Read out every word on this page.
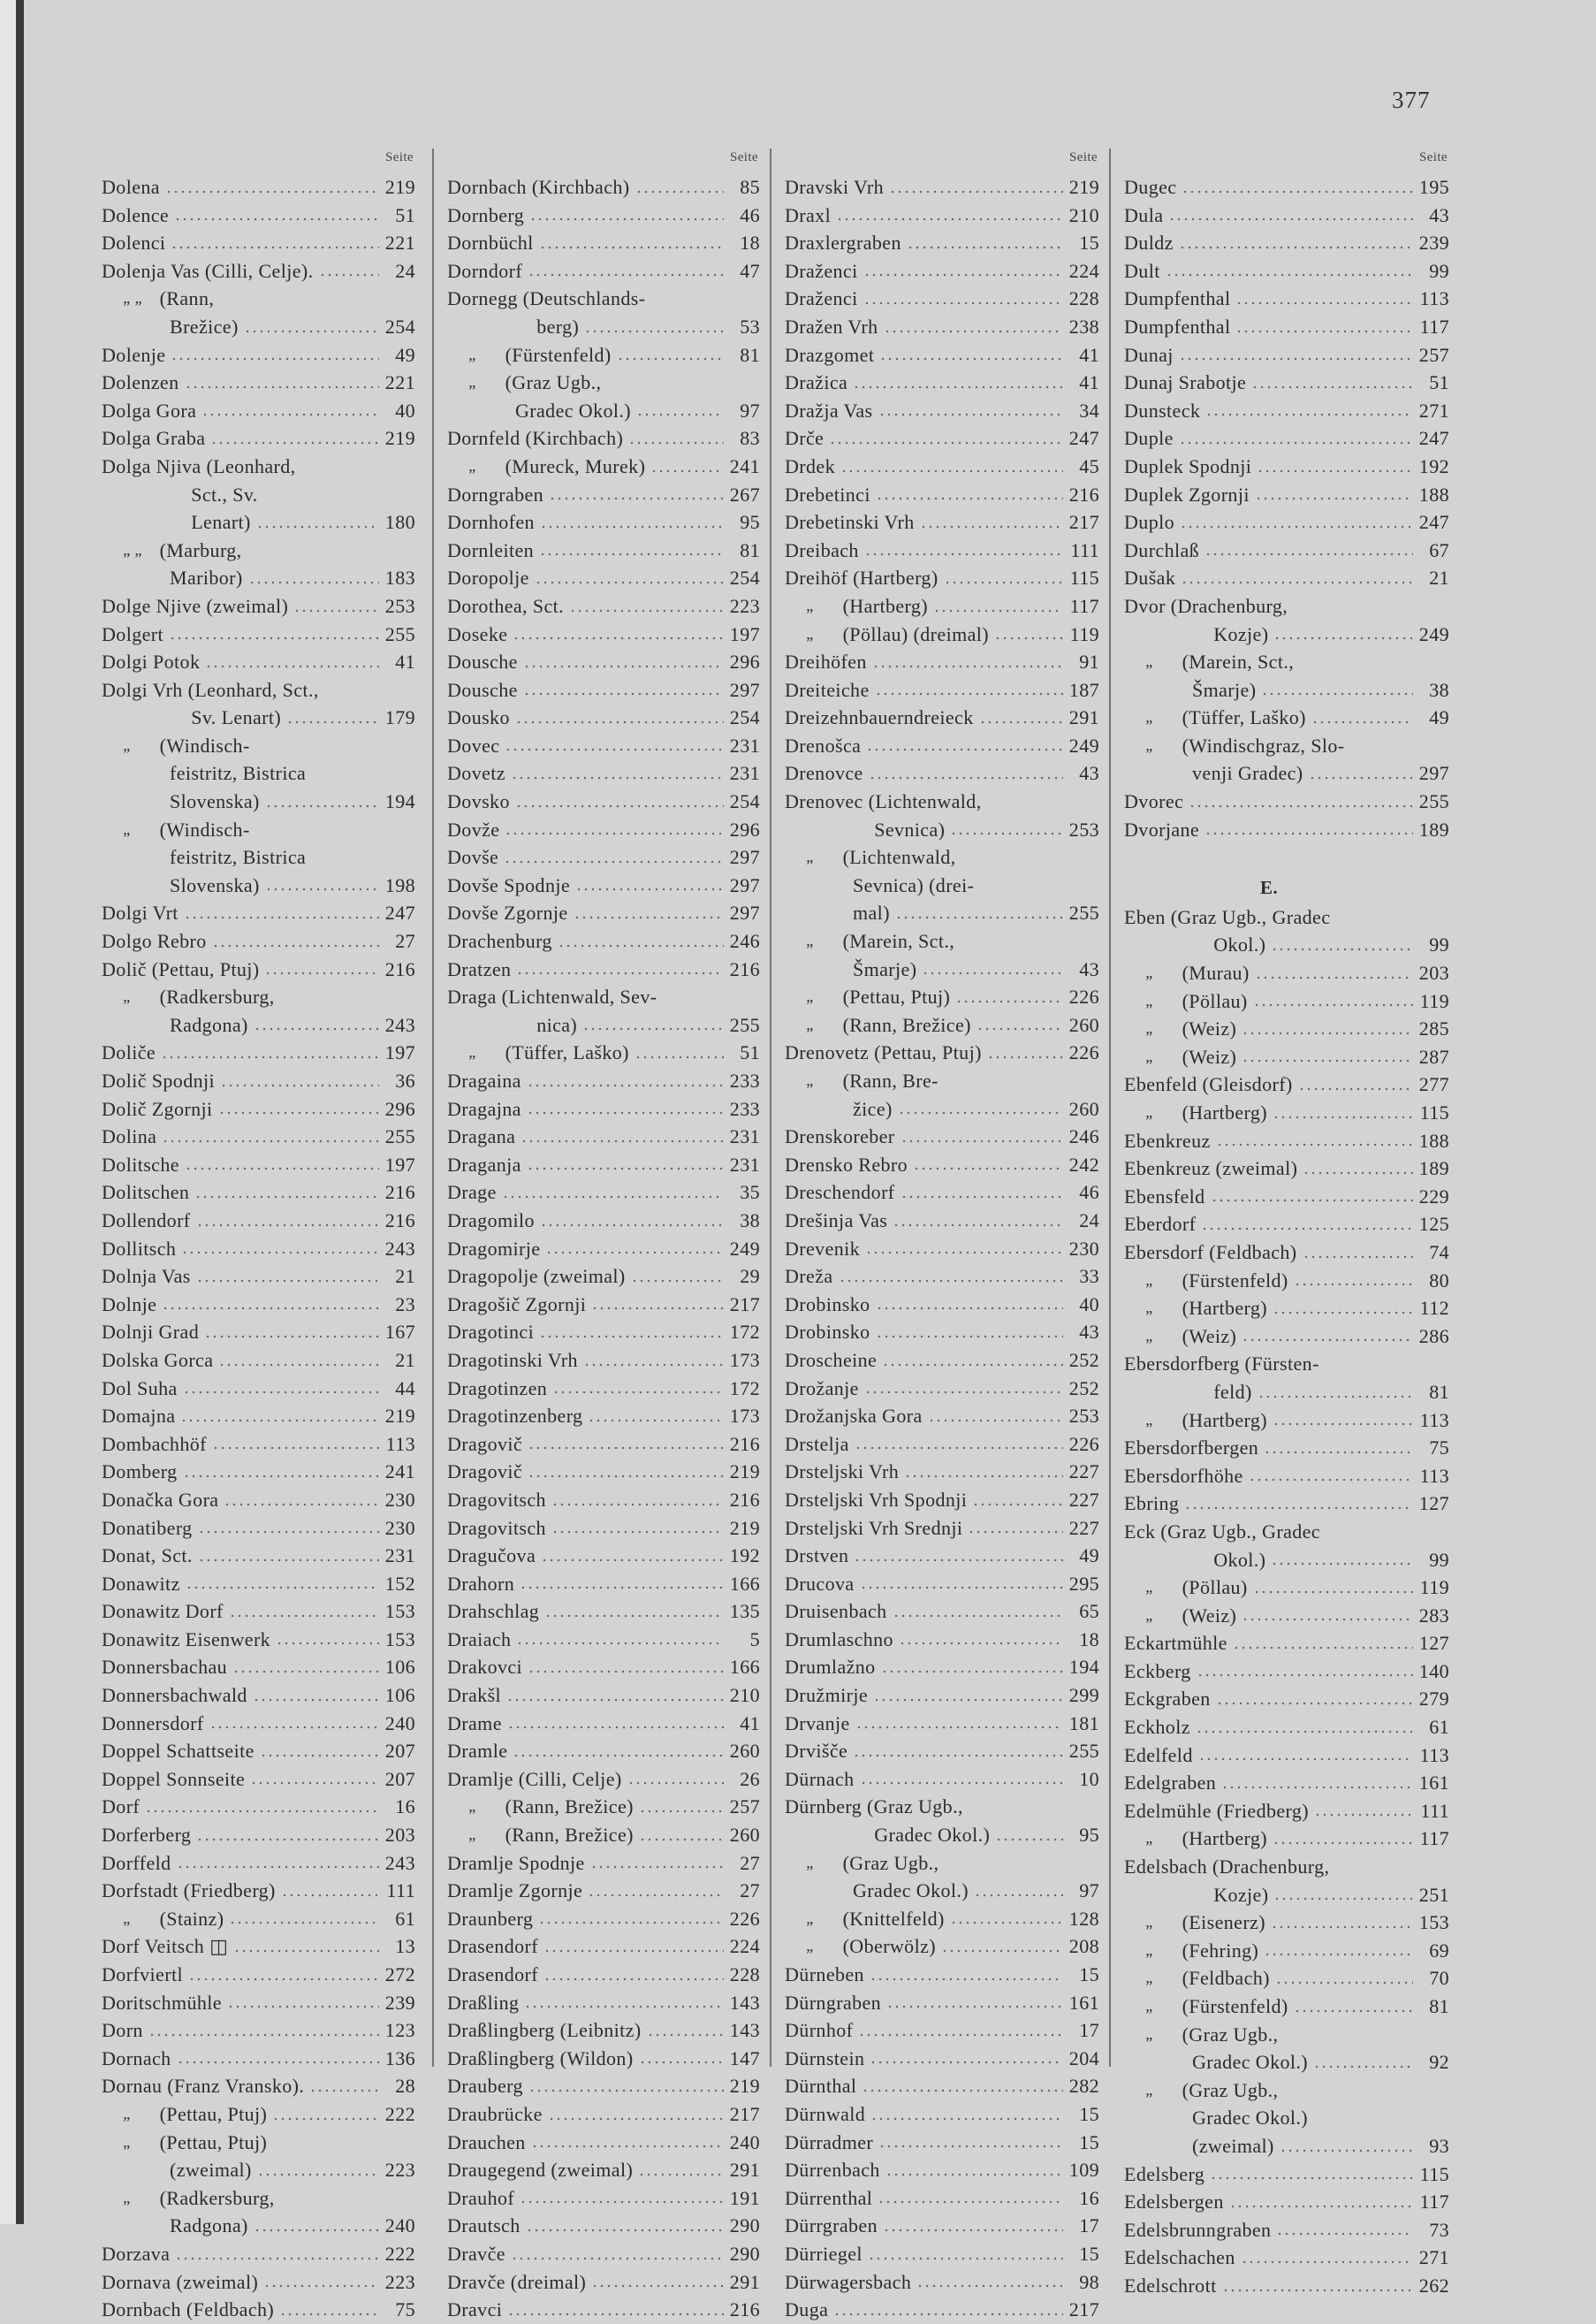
377
Seite
Dolena	219
Dolence	51
Dolenci	221
Dolenja Vas (Cilli, Celje).	24
„ „ (Rann,
Brežice)	254
Dolenje	49
Dolenzen	221
Dolga Gora	40
Dolga Graba	219
Dolga Njiva (Leonhard,
Sct., Sv.
Lenart)	180
„ „ (Marburg,
Maribor)	183
Dolge Njive (zweimal)	253
Dolgert	255
Dolgi Potok	41
Dolgi Vrh (Leonhard, Sct.,
Sv. Lenart)	179
„	(Windisch-
feistritz, Bistrica
Slovenska)	194
„	(Windisch-
feistritz, Bistrica
Slovenska)	198
Dolgi Vrt	247
Dolgo Rebro	27
Dolič (Pettau, Ptuj)	216
„	(Radkersburg,
Radgona)	243
Doliče	197
Dolič Spodnji	36
Dolič Zgornji	296
Dolina	255
Dolitsche	197
Dolitschen	216
Dollendorf	216
Dollitsch	243
Dolnja Vas	21
Dolnje	23
Dolnji Grad	167
Dolska Gorca	21
Dol Suha	44
Domajna	219
Dombachhöf	113
Domberg	241
Donačka Gora	230
Donatiberg	230
Donat, Sct.	231
Donawitz	152
Donawitz Dorf	153
Donawitz Eisenwerk	153
Donnersbachau	106
Donnersbachwald	106
Donnersdorf	240
Doppel Schattseite	207
Doppel Sonnseite	207
Dorf	16
Dorferberg	203
Dorffeld	243
Dorfstadt (Friedberg)	111
„	(Stainz)	61
Dorf Veitsch ◫	13
Dorfviertl	272
Doritschmühle	239
Dorn	123
Dornach	136
Dornau (Franz Vransko).	28
„	(Pettau, Ptuj)	222
„	(Pettau, Ptuj)
(zweimal)	223
„	(Radkersburg,
Radgona)	240
Dorzava	222
Dornava (zweimal)	223
Dornbach (Feldbach)	75
Seite
Dornbach (Kirchbach)	85
Dornberg	46
Dornbüchl	18
Dorndorf	47
Dornegg (Deutschlands-
berg)	53
„	(Fürstenfeld)	81
„	(Graz Ugb.,
Gradec Okol.)	97
Dornfeld (Kirchbach)	83
„	(Mureck, Murek)	241
Dorngraben	267
Dornhofen	95
Dornleiten	81
Doropolje	254
Dorothea, Sct.	223
Doseke	197
Dousche	296
Dousche	297
Dousko	254
Dovec	231
Dovetz	231
Dovsko	254
Dovže	296
Dovše	297
Dovše Spodnje	297
Dovše Zgornje	297
Drachenburg	246
Dratzen	216
Draga (Lichtenwald, Sev-
nica)	255
„	(Tüffer, Laško)	51
Dragaina	233
Dragajna	233
Dragana	231
Draganja	231
Drage	35
Dragomilo	38
Dragomirje	249
Dragopolje (zweimal)	29
Dragošič Zgornji	217
Dragotinci	172
Dragotinski Vrh	173
Dragotinzen	172
Dragotinzenberg	173
Dragovič	216
Dragovič	219
Dragovitsch	216
Dragovitsch	219
Dragučova	192
Drahorn	166
Drahschlag	135
Draiach	5
Drakovci	166
Drakšl	210
Drame	41
Dramle	260
Dramlje (Cilli, Celje)	26
„	(Rann, Brežice)	257
„	(Rann, Brežice)	260
Dramlje Spodnje	27
Dramlje Zgornje	27
Draunberg	226
Drasendorf	224
Drasendorf	228
Draßling	143
Draßlingberg (Leibnitz)	143
Draßlingberg (Wildon)	147
Drauberg	219
Draubrücke	217
Drauchen	240
Draugegend (zweimal)	291
Drauhof	191
Drautsch	290
Dravče	290
Dravče (dreimal)	291
Dravci	216
Seite
Dravski Vrh	219
Draxl	210
Draxlergraben	15
Draženci	224
Draženci	228
Dražen Vrh	238
Drazgomet	41
Dražica	41
Dražja Vas	34
Drče	247
Drdek	45
Drebetinci	216
Drebetinski Vrh	217
Dreibach	111
Dreihöf (Hartberg)	115
„	(Hartberg)	117
„	(Pöllau) (dreimal)	119
Dreihöfen	91
Dreiteiche	187
Dreizehnbauerndreieck	291
Drenošca	249
Drenovce	43
Drenovec (Lichtenwald,
Sevnica)	253
„	(Lichtenwald,
Sevnica) (drei-
mal)	255
„	(Marein, Sct.,
Šmarje)	43
„	(Pettau, Ptuj)	226
„	(Rann, Brežice)	260
Drenovetz (Pettau, Ptuj)	226
„	(Rann, Bre-
žice)	260
Drenskoreber	246
Drensko Rebro	242
Dreschendorf	46
Drešinja Vas	24
Drevenik	230
Dreža	33
Drobinsko	40
Drobinsko	43
Droscheine	252
Drožanje	252
Drožanjska Gora	253
Drstelja	226
Drsteljski Vrh	227
Drsteljski Vrh Spodnji	227
Drsteljski Vrh Srednji	227
Drstven	49
Drucova	295
Druisenbach	65
Drumlaschno	18
Drumlažno	194
Družmirje	299
Drvanje	181
Drvišče	255
Dürnach	10
Dürnberg (Graz Ugb.,
Gradec Okol.)	95
„	(Graz Ugb.,
Gradec Okol.)	97
„	(Knittelfeld)	128
„	(Oberwölz)	208
Dürneben	15
Dürngraben	161
Dürnhof	17
Dürnstein	204
Dürnthal	282
Dürnwald	15
Dürradmer	15
Dürrenbach	109
Dürrenthal	16
Dürrgraben	17
Dürriegel	15
Dürwagersbach	98
Duga	217
Seite
Dugec	195
Dula	43
Duldz	239
Dult	99
Dumpfenthal	113
Dumpfenthal	117
Dunaj	257
Dunaj Srabotje	51
Dunsteck	271
Duple	247
Duplek Spodnji	192
Duplek Zgornji	188
Duplo	247
Durchlaß	67
Dušak	21
Dvor (Drachenburg,
Kozje)	249
„	(Marein, Sct.,
Šmarje)	38
„	(Tüffer, Laško)	49
„	(Windischgraz, Slo-
venji Gradec)	297
Dvorec	255
Dvorjane	189
E.
Eben (Graz Ugb., Gradec
Okol.)	99
„	(Murau)	203
„	(Pöllau)	119
„	(Weiz)	285
„	(Weiz)	287
Ebenfeld (Gleisdorf)	277
„	(Hartberg)	115
Ebenkreuz	188
Ebenkreuz (zweimal)	189
Ebensfeld	229
Eberdorf	125
Ebersdorf (Feldbach)	74
„	(Fürstenfeld)	80
„	(Hartberg)	112
„	(Weiz)	286
Ebersdorfberg (Fürsten-
feld)	81
„	(Hartberg)	113
Ebersdorfbergen	75
Ebersdorfhöhe	113
Ebring	127
Eck (Graz Ugb., Gradec
Okol.)	99
„	(Pöllau)	119
„	(Weiz)	283
Eckartmühle	127
Eckberg	140
Eckgraben	279
Eckholz	61
Edelfeld	113
Edelgraben	161
Edelmühle (Friedberg)	111
„	(Hartberg)	117
Edelsbach (Drachenburg,
Kozje)	251
„	(Eisenerz)	153
„	(Fehring)	69
„	(Feldbach)	70
„	(Fürstenfeld)	81
„	(Graz Ugb.,
Gradec Okol.)	92
„	(Graz Ugb.,
Gradec Okol.)
(zweimal)	93
Edelsberg	115
Edelsbergen	117
Edelsbrunngraben	73
Edelschachen	271
Edelschrott	262
